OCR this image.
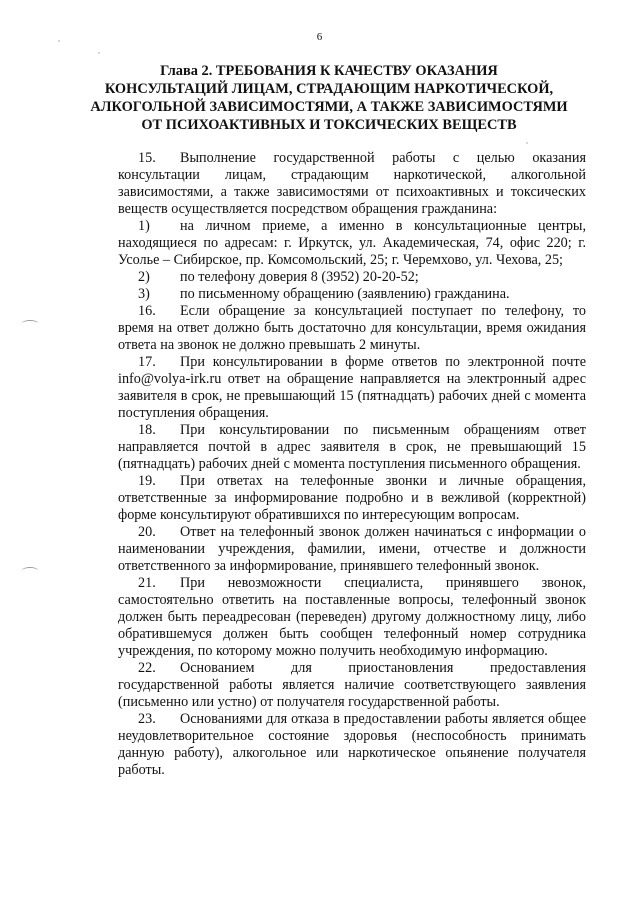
6
Глава 2. ТРЕБОВАНИЯ К КАЧЕСТВУ ОКАЗАНИЯ
КОНСУЛЬТАЦИЙ ЛИЦАМ, СТРАДАЮЩИМ НАРКОТИЧЕСКОЙ,
АЛКОГОЛЬНОЙ ЗАВИСИМОСТЯМИ, А ТАКЖЕ ЗАВИСИМОСТЯМИ
ОТ ПСИХОАКТИВНЫХ И ТОКСИЧЕСКИХ ВЕЩЕСТВ

15. Выполнение государственной работы с целью оказания консультации лицам, страдающим наркотической, алкогольной зависимостями, а также зависимостями от психоактивных и токсических веществ осуществляется посредством обращения гражданина:

1) на личном приеме, а именно в консультационные центры, находящиеся по адресам: г. Иркутск, ул. Академическая, 74, офис 220; г. Усолье – Сибирское, пр. Комсомольский, 25; г. Черемхово, ул. Чехова, 25;

2) по телефону доверия 8 (3952) 20-20-52;

3) по письменному обращению (заявлению) гражданина.

16. Если обращение за консультацией поступает по телефону, то время на ответ должно быть достаточно для консультации, время ожидания ответа на звонок не должно превышать 2 минуты.

17. При консультировании в форме ответов по электронной почте info@volya-irk.ru ответ на обращение направляется на электронный адрес заявителя в срок, не превышающий 15 (пятнадцать) рабочих дней с момента поступления обращения.

18. При консультировании по письменным обращениям ответ направляется почтой в адрес заявителя в срок, не превышающий 15 (пятнадцать) рабочих дней с момента поступления письменного обращения.

19. При ответах на телефонные звонки и личные обращения, ответственные за информирование подробно и в вежливой (корректной) форме консультируют обратившихся по интересующим вопросам.

20. Ответ на телефонный звонок должен начинаться с информации о наименовании учреждения, фамилии, имени, отчестве и должности ответственного за информирование, принявшего телефонный звонок.

21. При невозможности специалиста, принявшего звонок, самостоятельно ответить на поставленные вопросы, телефонный звонок должен быть переадресован (переведен) другому должностному лицу, либо обратившемуся должен быть сообщен телефонный номер сотрудника учреждения, по которому можно получить необходимую информацию.

22. Основанием для приостановления предоставления государственной работы является наличие соответствующего заявления (письменно или устно) от получателя государственной работы.

23. Основаниями для отказа в предоставлении работы является общее неудовлетворительное состояние здоровья (неспособность принимать данную работу), алкогольное или наркотическое опьянение получателя работы.
